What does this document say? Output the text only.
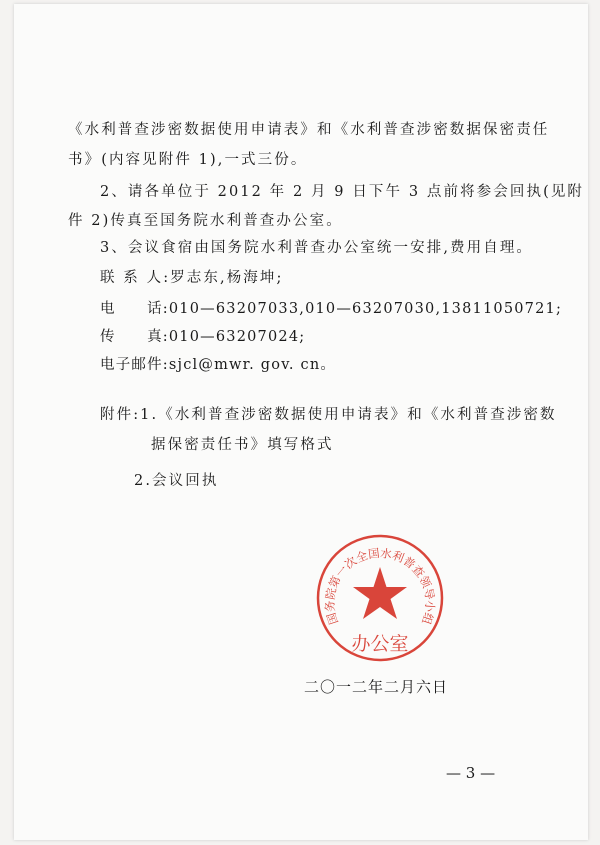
《水利普查涉密数据使用申请表》和《水利普查涉密数据保密责任
书》(内容见附件 1),一式三份。
2、请各单位于 2012 年 2 月 9 日下午 3 点前将参会回执(见附
件 2)传真至国务院水利普查办公室。
3、会议食宿由国务院水利普查办公室统一安排,费用自理。
联 系 人:罗志东,杨海坤;
电　　话:010—63207033,010—63207030,13811050721;
传　　真:010—63207024;
电子邮件:sjcl@mwr. gov. cn。
附件:1.《水利普查涉密数据使用申请表》和《水利普查涉密数
据保密责任书》填写格式
2.会议回执
国务院第一次全国水利普查领导小组
办公室
二〇一二年二月六日
— 3 —
